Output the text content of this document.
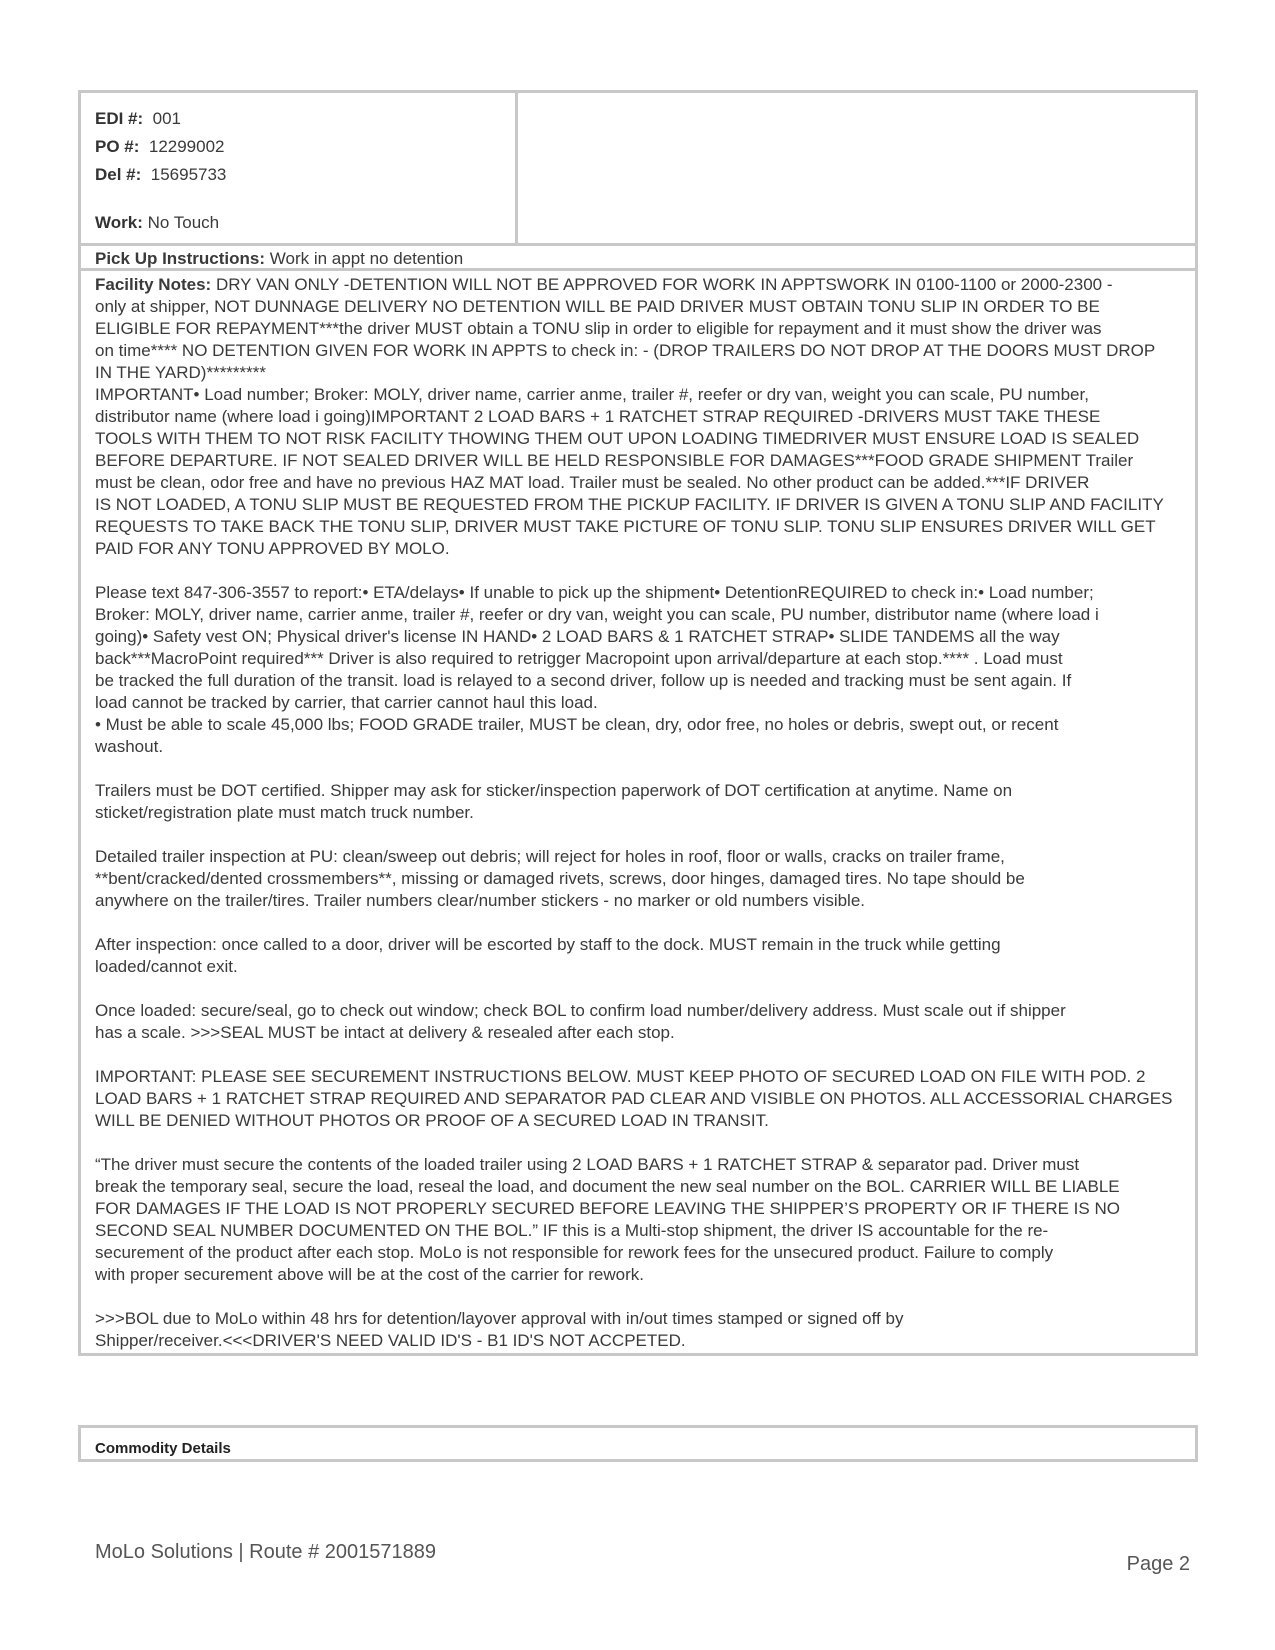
EDI #: 001
PO #: 12299002
Del #: 15695733
Work: No Touch
Pick Up Instructions: Work in appt no detention

Facility Notes: DRY VAN ONLY -DETENTION WILL NOT BE APPROVED FOR WORK IN APPTSWORK IN 0100-1100 or 2000-2300 -
only at shipper, NOT DUNNAGE DELIVERY NO DETENTION WILL BE PAID DRIVER MUST OBTAIN TONU SLIP IN ORDER TO BE
ELIGIBLE FOR REPAYMENT***the driver MUST obtain a TONU slip in order to eligible for repayment and it must show the driver was
on time**** NO DETENTION GIVEN FOR WORK IN APPTS to check in: - (DROP TRAILERS DO NOT DROP AT THE DOORS MUST DROP
IN THE YARD)*********
IMPORTANT• Load number; Broker: MOLY, driver name, carrier anme, trailer #, reefer or dry van, weight you can scale, PU number,
distributor name (where load i going)IMPORTANT 2 LOAD BARS + 1 RATCHET STRAP REQUIRED -DRIVERS MUST TAKE THESE
TOOLS WITH THEM TO NOT RISK FACILITY THOWING THEM OUT UPON LOADING TIMEDRIVER MUST ENSURE LOAD IS SEALED
BEFORE DEPARTURE. IF NOT SEALED DRIVER WILL BE HELD RESPONSIBLE FOR DAMAGES***FOOD GRADE SHIPMENT Trailer
must be clean, odor free and have no previous HAZ MAT load. Trailer must be sealed. No other product can be added.***IF DRIVER
IS NOT LOADED, A TONU SLIP MUST BE REQUESTED FROM THE PICKUP FACILITY. IF DRIVER IS GIVEN A TONU SLIP AND FACILITY
REQUESTS TO TAKE BACK THE TONU SLIP, DRIVER MUST TAKE PICTURE OF TONU SLIP. TONU SLIP ENSURES DRIVER WILL GET
PAID FOR ANY TONU APPROVED BY MOLO.

Please text 847-306-3557 to report:• ETA/delays• If unable to pick up the shipment• DetentionREQUIRED to check in:• Load number;
Broker: MOLY, driver name, carrier anme, trailer #, reefer or dry van, weight you can scale, PU number, distributor name (where load i
going)• Safety vest ON; Physical driver's license IN HAND• 2 LOAD BARS & 1 RATCHET STRAP• SLIDE TANDEMS all the way
back***MacroPoint required*** Driver is also required to retrigger Macropoint upon arrival/departure at each stop.**** . Load must
be tracked the full duration of the transit. load is relayed to a second driver, follow up is needed and tracking must be sent again. If
load cannot be tracked by carrier, that carrier cannot haul this load.
• Must be able to scale 45,000 lbs; FOOD GRADE trailer, MUST be clean, dry, odor free, no holes or debris, swept out, or recent
washout.

Trailers must be DOT certified. Shipper may ask for sticker/inspection paperwork of DOT certification at anytime. Name on
sticket/registration plate must match truck number.

Detailed trailer inspection at PU: clean/sweep out debris; will reject for holes in roof, floor or walls, cracks on trailer frame,
**bent/cracked/dented crossmembers**, missing or damaged rivets, screws, door hinges, damaged tires. No tape should be
anywhere on the trailer/tires. Trailer numbers clear/number stickers - no marker or old numbers visible.

After inspection: once called to a door, driver will be escorted by staff to the dock. MUST remain in the truck while getting
loaded/cannot exit.

Once loaded: secure/seal, go to check out window; check BOL to confirm load number/delivery address. Must scale out if shipper
has a scale. >>>SEAL MUST be intact at delivery & resealed after each stop.

IMPORTANT: PLEASE SEE SECUREMENT INSTRUCTIONS BELOW. MUST KEEP PHOTO OF SECURED LOAD ON FILE WITH POD. 2
LOAD BARS + 1 RATCHET STRAP REQUIRED AND SEPARATOR PAD CLEAR AND VISIBLE ON PHOTOS. ALL ACCESSORIAL CHARGES
WILL BE DENIED WITHOUT PHOTOS OR PROOF OF A SECURED LOAD IN TRANSIT.

“The driver must secure the contents of the loaded trailer using 2 LOAD BARS + 1 RATCHET STRAP & separator pad. Driver must
break the temporary seal, secure the load, reseal the load, and document the new seal number on the BOL. CARRIER WILL BE LIABLE
FOR DAMAGES IF THE LOAD IS NOT PROPERLY SECURED BEFORE LEAVING THE SHIPPER’S PROPERTY OR IF THERE IS NO
SECOND SEAL NUMBER DOCUMENTED ON THE BOL.” IF this is a Multi-stop shipment, the driver IS accountable for the re-
securement of the product after each stop. MoLo is not responsible for rework fees for the unsecured product. Failure to comply
with proper securement above will be at the cost of the carrier for rework.

>>>BOL due to MoLo within 48 hrs for detention/layover approval with in/out times stamped or signed off by
Shipper/receiver.<<<DRIVER'S NEED VALID ID'S - B1 ID'S NOT ACCPETED.

Commodity Details
MoLo Solutions | Route # 2001571889
Page 2
